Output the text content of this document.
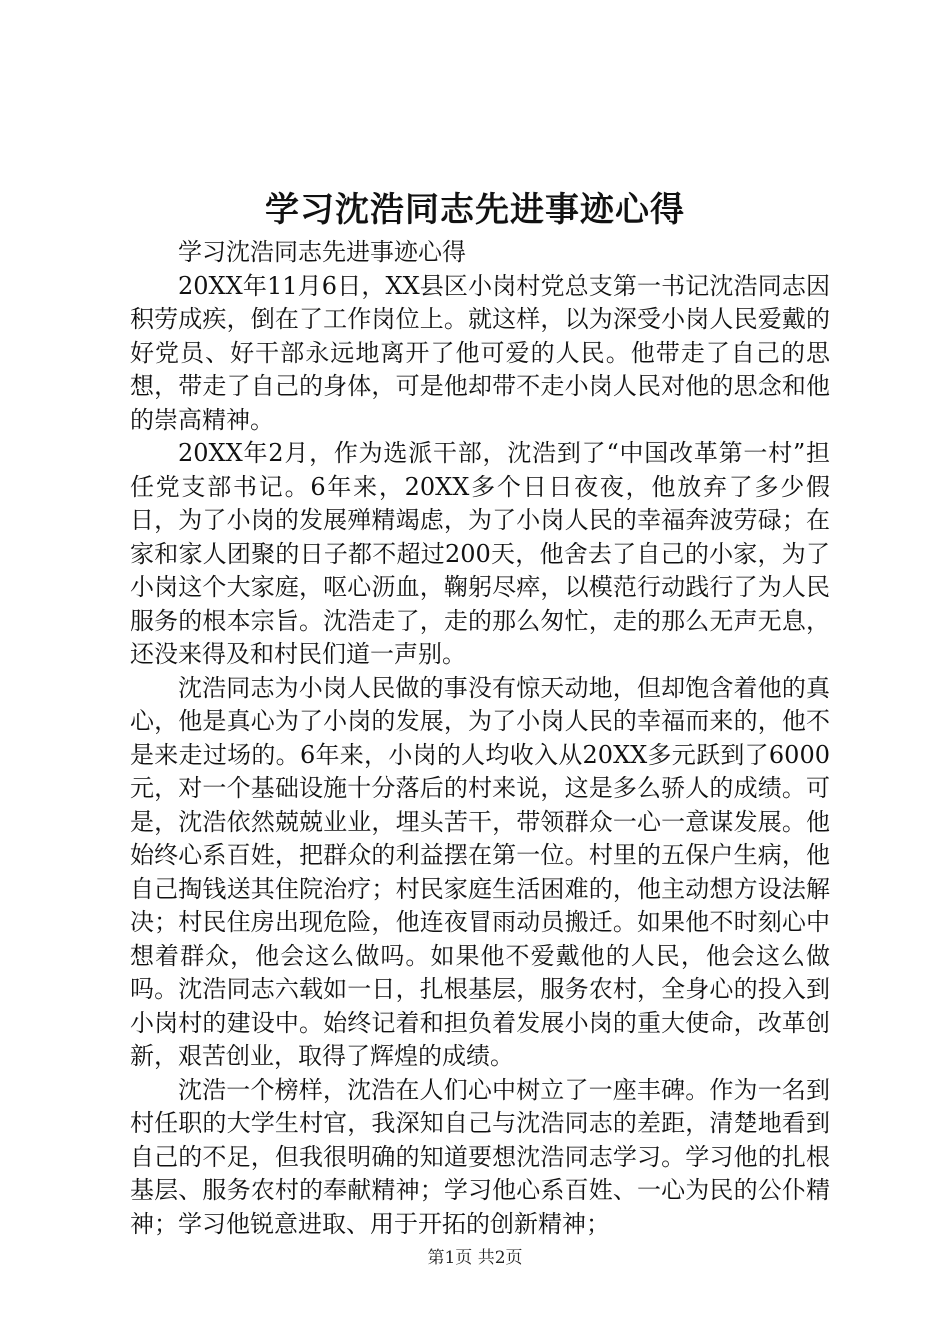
学习沈浩同志先进事迹心得

学习沈浩同志先进事迹心得

20XX年11月6日，XX县区小岗村党总支第一书记沈浩同志因积劳成疾，倒在了工作岗位上。就这样，以为深受小岗人民爱戴的好党员、好干部永远地离开了他可爱的人民。他带走了自己的思想，带走了自己的身体，可是他却带不走小岗人民对他的思念和他的崇高精神。

20XX年2月，作为选派干部，沈浩到了“中国改革第一村”担任党支部书记。6年来，20XX多个日日夜夜，他放弃了多少假日，为了小岗的发展殚精竭虑，为了小岗人民的幸福奔波劳碌；在家和家人团聚的日子都不超过200天，他舍去了自己的小家，为了小岗这个大家庭，呕心沥血，鞠躬尽瘁，以模范行动践行了为人民服务的根本宗旨。沈浩走了，走的那么匆忙，走的那么无声无息，还没来得及和村民们道一声别。

沈浩同志为小岗人民做的事没有惊天动地，但却饱含着他的真心，他是真心为了小岗的发展，为了小岗人民的幸福而来的，他不是来走过场的。6年来，小岗的人均收入从20XX多元跃到了6000元，对一个基础设施十分落后的村来说，这是多么骄人的成绩。可是，沈浩依然兢兢业业，埋头苦干，带领群众一心一意谋发展。他始终心系百姓，把群众的利益摆在第一位。村里的五保户生病，他自己掏钱送其住院治疗；村民家庭生活困难的，他主动想方设法解决；村民住房出现危险，他连夜冒雨动员搬迁。如果他不时刻心中想着群众，他会这么做吗。如果他不爱戴他的人民，他会这么做吗。沈浩同志六载如一日，扎根基层，服务农村，全身心的投入到小岗村的建设中。始终记着和担负着发展小岗的重大使命，改革创新，艰苦创业，取得了辉煌的成绩。

沈浩一个榜样，沈浩在人们心中树立了一座丰碑。作为一名到村任职的大学生村官，我深知自己与沈浩同志的差距，清楚地看到自己的不足，但我很明确的知道要想沈浩同志学习。学习他的扎根基层、服务农村的奉献精神；学习他心系百姓、一心为民的公仆精神；学习他锐意进取、用于开拓的创新精神；

第1页 共2页
